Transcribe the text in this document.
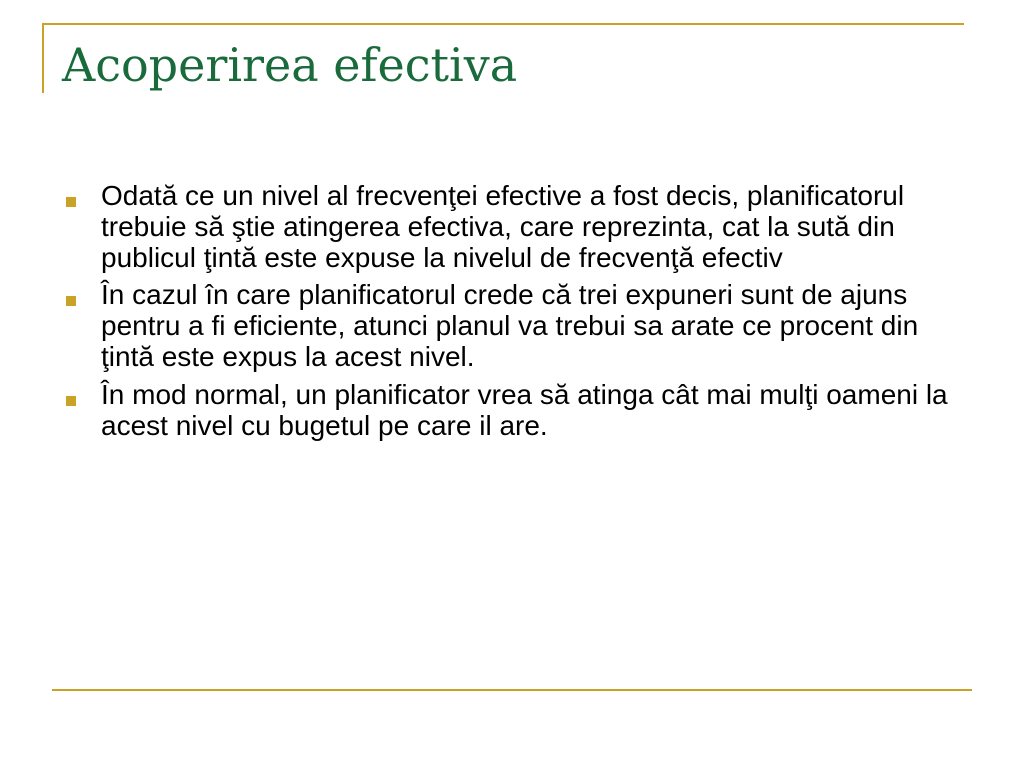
Acoperirea efectiva
Odată ce un nivel al frecvenţei efective a fost decis, planificatorul trebuie să ştie atingerea efectiva, care reprezinta, cat la sută din publicul ţintă este expuse la nivelul de frecvenţă efectiv
În cazul în care planificatorul crede că trei expuneri sunt de ajuns pentru a fi eficiente, atunci planul va trebui sa arate ce procent din ţintă este expus la acest nivel.
În mod normal, un planificator vrea să atinga cât mai mulţi oameni la acest nivel cu bugetul pe care il are.
